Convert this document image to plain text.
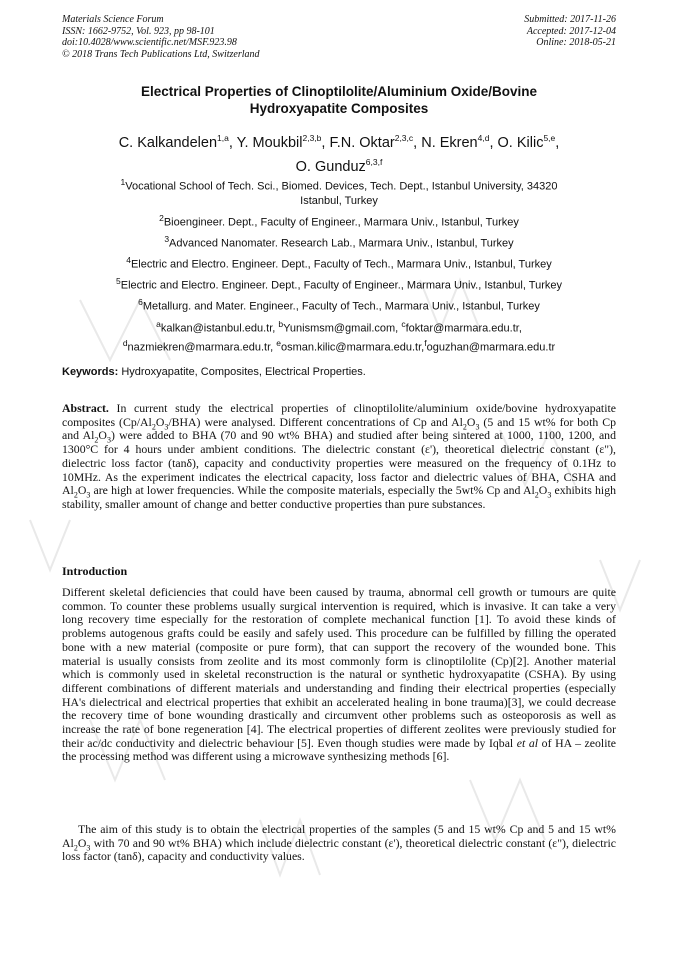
Materials Science Forum
ISSN: 1662-9752, Vol. 923, pp 98-101
doi:10.4028/www.scientific.net/MSF.923.98
© 2018 Trans Tech Publications Ltd, Switzerland
Submitted: 2017-11-26
Accepted: 2017-12-04
Online: 2018-05-21
Electrical Properties of Clinoptilolite/Aluminium Oxide/Bovine
Hydroxyapatite Composites
C. Kalkandelen$^{1,a}$, Y. Moukbil$^{2,3,b}$, F.N. Oktar$^{2,3,c}$, N. Ekren$^{4,d}$, O. Kilic$^{5,e}$,
O. Gunduz$^{6,3,f}$
$^1$Vocational School of Tech. Sci., Biomed. Devices, Tech. Dept., Istanbul University, 34320
Istanbul, Turkey
$^2$Bioengineer. Dept., Faculty of Engineer., Marmara Univ., Istanbul, Turkey
$^3$Advanced Nanomater. Research Lab., Marmara Univ., Istanbul, Turkey
$^4$Electric and Electro. Engineer. Dept., Faculty of Tech., Marmara Univ., Istanbul, Turkey
$^5$Electric and Electro. Engineer. Dept., Faculty of Engineer., Marmara Univ., Istanbul, Turkey
$^6$Metallurg. and Mater. Engineer., Faculty of Tech., Marmara Univ., Istanbul, Turkey
$^a$kalkan@istanbul.edu.tr, $^b$Yunismsm@gmail.com, $^c$foktar@marmara.edu.tr,
$^d$nazmiekren@marmara.edu.tr, $^e$osman.kilic@marmara.edu.tr,$^f$oguzhan@marmara.edu.tr
Keywords: Hydroxyapatite, Composites, Electrical Properties.
Abstract. In current study the electrical properties of clinoptilolite/aluminium oxide/bovine hydroxyapatite composites $(Cp/Al_2O_3/BHA)$ were analysed. Different concentrations of Cp and $Al_2O_3$ (5 and 15 wt% for both Cp and $Al_2O_3$) were added to BHA (70 and 90 wt% BHA) and studied after being sintered at 1000, 1100, 1200, and 1300°C for 4 hours under ambient conditions. The dielectric constant (ε'), theoretical dielectric constant (ε"), dielectric loss factor (tanδ), capacity and conductivity properties were measured on the frequency of 0.1Hz to 10MHz. As the experiment indicates the electrical capacity, loss factor and dielectric values of BHA, CSHA and $Al_2O_3$ are high at lower frequencies. While the composite materials, especially the 5wt% Cp and $Al_2O_3$ exhibits high stability, smaller amount of change and better conductive properties than pure substances.
Introduction
Different skeletal deficiencies that could have been caused by trauma, abnormal cell growth or tumours are quite common. To counter these problems usually surgical intervention is required, which is invasive. It can take a very long recovery time especially for the restoration of complete mechanical function [1]. To avoid these kinds of problems autogenous grafts could be easily and safely used. This procedure can be fulfilled by filling the operated bone with a new material (composite or pure form), that can support the recovery of the wounded bone. This material is usually consists from zeolite and its most commonly form is clinoptilolite (Cp)[2]. Another material which is commonly used in skeletal reconstruction is the natural or synthetic hydroxyapatite (CSHA). By using different combinations of different materials and understanding and finding their electrical properties (especially HA's dielectrical and electrical properties that exhibit an accelerated healing in bone trauma)[3], we could decrease the recovery time of bone wounding drastically and circumvent other problems such as osteoporosis as well as increase the rate of bone regeneration [4]. The electrical properties of different zeolites were previously studied for their ac/dc conductivity and dielectric behaviour [5]. Even though studies were made by Iqbal et al of HA – zeolite the processing method was different using a microwave synthesizing methods [6].
The aim of this study is to obtain the electrical properties of the samples (5 and 15 wt% Cp and 5 and 15 wt% $Al_2O_3$ with 70 and 90 wt% BHA) which include dielectric constant (ε'), theoretical dielectric constant (ε"), dielectric loss factor (tanδ), capacity and conductivity values.
